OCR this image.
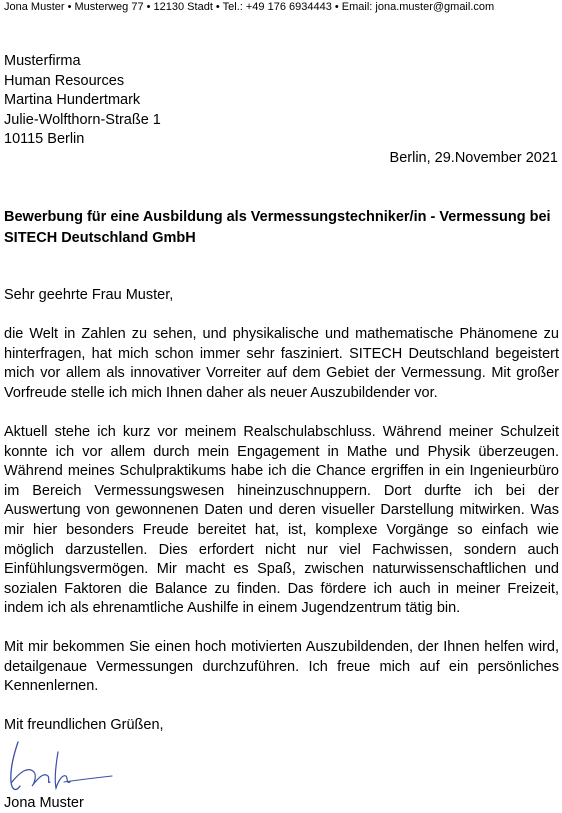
Jona Muster • Musterweg 77 • 12130 Stadt • Tel.: +49 176 6934443 • Email: jona.muster@gmail.com
Musterfirma
Human Resources
Martina Hundertmark
Julie-Wolfthorn-Straße 1
10115 Berlin
Berlin, 29.November 2021
Bewerbung für eine Ausbildung als Vermessungstechniker/in - Vermessung bei SITECH Deutschland GmbH
Sehr geehrte Frau Muster,
die Welt in Zahlen zu sehen, und physikalische und mathematische Phänomene zu hinterfragen, hat mich schon immer sehr fasziniert. SITECH Deutschland begeistert mich vor allem als innovativer Vorreiter auf dem Gebiet der Vermessung. Mit großer Vorfreude stelle ich mich Ihnen daher als neuer Auszubildender vor.
Aktuell stehe ich kurz vor meinem Realschulabschluss. Während meiner Schulzeit konnte ich vor allem durch mein Engagement in Mathe und Physik überzeugen. Während meines Schulpraktikums habe ich die Chance ergriffen in ein Ingenieurbüro im Bereich Vermessungswesen hineinzuschnuppern. Dort durfte ich bei der Auswertung von gewonnenen Daten und deren visueller Darstellung mitwirken. Was mir hier besonders Freude bereitet hat, ist, komplexe Vorgänge so einfach wie möglich darzustellen. Dies erfordert nicht nur viel Fachwissen, sondern auch Einfühlungsvermögen. Mir macht es Spaß, zwischen naturwissenschaftlichen und sozialen Faktoren die Balance zu finden. Das fördere ich auch in meiner Freizeit, indem ich als ehrenamtliche Aushilfe in einem Jugendzentrum tätig bin.
Mit mir bekommen Sie einen hoch motivierten Auszubildenden, der Ihnen helfen wird, detailgenaue Vermessungen durchzuführen. Ich freue mich auf ein persönliches Kennenlernen.
Mit freundlichen Grüßen,
Jona Muster
